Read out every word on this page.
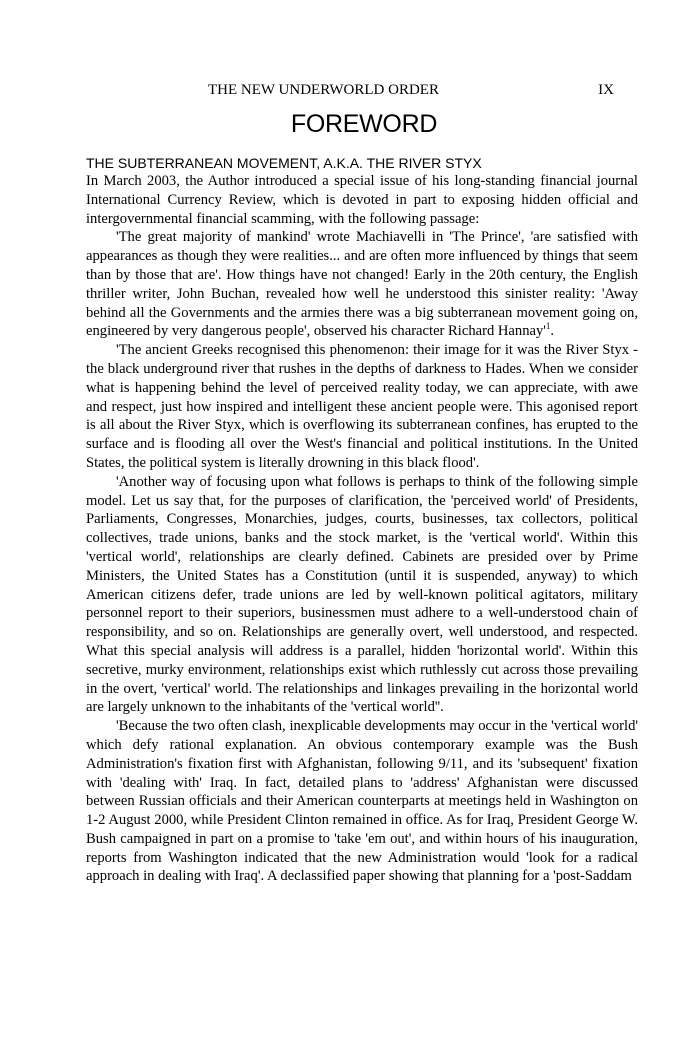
THE NEW UNDERWORLD ORDER	IX
FOREWORD
THE SUBTERRANEAN MOVEMENT, A.K.A. THE RIVER STYX

In March 2003, the Author introduced a special issue of his long-standing financial journal International Currency Review, which is devoted in part to exposing hidden official and intergovernmental financial scamming, with the following passage:

'The great majority of mankind' wrote Machiavelli in 'The Prince', 'are satisfied with appearances as though they were realities... and are often more influenced by things that seem than by those that are'. How things have not changed! Early in the 20th century, the English thriller writer, John Buchan, revealed how well he understood this sinister reality: 'Away behind all the Governments and the armies there was a big subterranean movement going on, engineered by very dangerous people', observed his character Richard $Hannay'^1$.

'The ancient Greeks recognised this phenomenon: their image for it was the River Styx - the black underground river that rushes in the depths of darkness to Hades. When we consider what is happening behind the level of perceived reality today, we can appreciate, with awe and respect, just how inspired and intelligent these ancient people were. This agonised report is all about the River Styx, which is overflowing its subterranean confines, has erupted to the surface and is flooding all over the West's financial and political institutions. In the United States, the political system is literally drowning in this black flood'.

'Another way of focusing upon what follows is perhaps to think of the following simple model. Let us say that, for the purposes of clarification, the 'perceived world' of Presidents, Parliaments, Congresses, Monarchies, judges, courts, businesses, tax collectors, political collectives, trade unions, banks and the stock market, is the 'vertical world'. Within this 'vertical world', relationships are clearly defined. Cabinets are presided over by Prime Ministers, the United States has a Constitution (until it is suspended, anyway) to which American citizens defer, trade unions are led by well-known political agitators, military personnel report to their superiors, businessmen must adhere to a well-understood chain of responsibility, and so on. Relationships are generally overt, well understood, and respected. What this special analysis will address is a parallel, hidden 'horizontal world'. Within this secretive, murky environment, relationships exist which ruthlessly cut across those prevailing in the overt, 'vertical' world. The relationships and linkages prevailing in the horizontal world are largely unknown to the inhabitants of the 'vertical world''.

'Because the two often clash, inexplicable developments may occur in the 'vertical world' which defy rational explanation. An obvious contemporary example was the Bush Administration's fixation first with Afghanistan, following 9/11, and its 'subsequent' fixation with 'dealing with' Iraq. In fact, detailed plans to 'address' Afghanistan were discussed between Russian officials and their American counterparts at meetings held in Washington on 1-2 August 2000, while President Clinton remained in office. As for Iraq, President George W. Bush campaigned in part on a promise to 'take 'em out', and within hours of his inauguration, reports from Washington indicated that the new Administration would 'look for a radical approach in dealing with Iraq'. A declassified paper showing that planning for a 'post-Saddam
